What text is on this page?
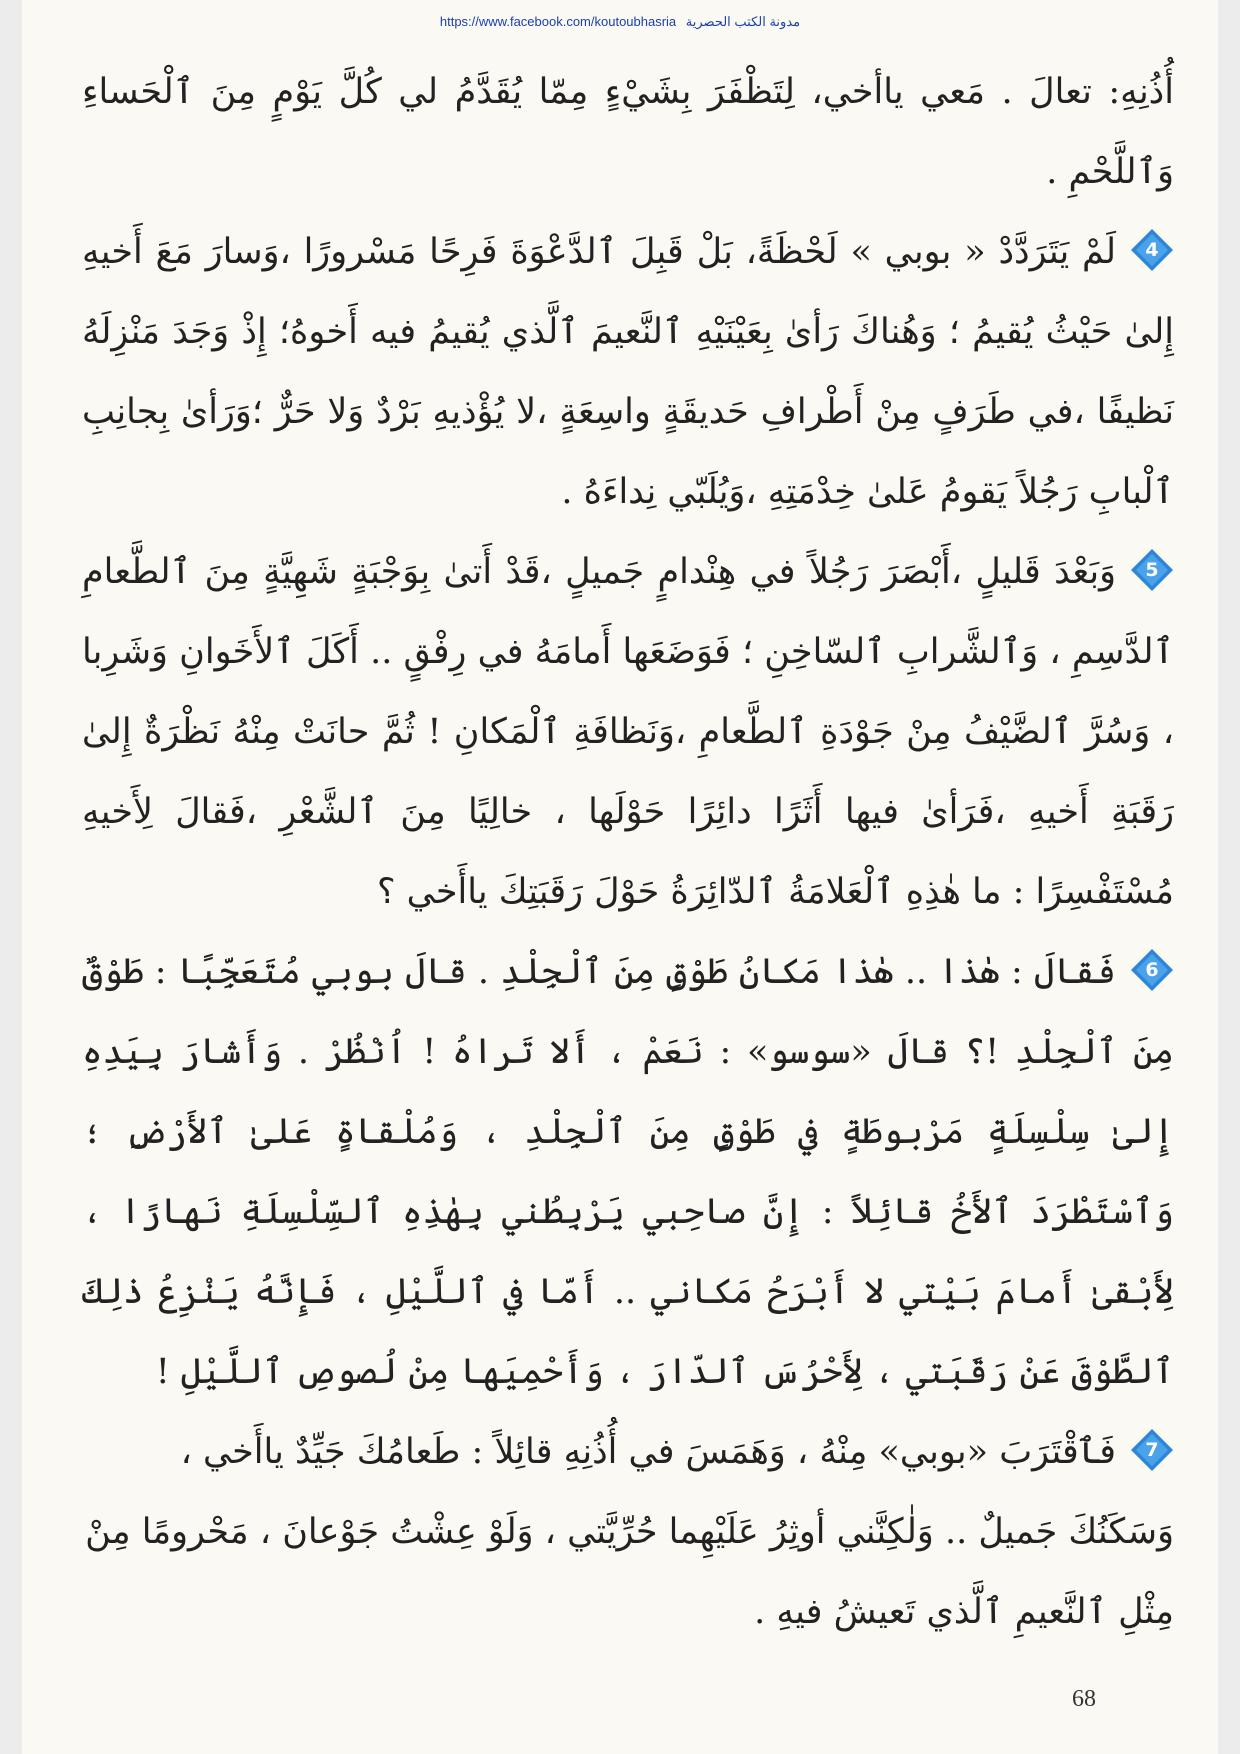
https://www.facebook.com/koutoubhasria مدونة الكتب الحصرية

أُذُنِهِ: تعالَ . مَعي ياأخي، لِتَظْفَرَ بِشَيْءٍ مِمّا يُقَدَّمُ لي كُلَّ يَوْمٍ مِنَ ٱلْحَساءِ وَٱللَّحْمِ .

4
لَمْ يَتَرَدَّدْ « بوبي » لَحْظَةً، بَلْ قَبِلَ ٱلدَّعْوَةَ فَرِحًا مَسْرورًا ،وَسارَ مَعَ أَخيهِ إِلىٰ حَيْثُ يُقيمُ ؛ وَهُناكَ رَأىٰ بِعَيْنَيْهِ ٱلنَّعيمَ ٱلَّذي يُقيمُ فيه أَخوهُ؛ إِذْ وَجَدَ مَنْزِلَهُ نَظيفًا ،في طَرَفٍ مِنْ أَطْرافِ حَديقَةٍ واسِعَةٍ ،لا يُؤْذيهِ بَرْدٌ وَلا حَرٌّ ؛وَرَأىٰ بِجانِبِ ٱلْبابِ رَجُلاً يَقومُ عَلىٰ خِدْمَتِهِ ،وَيُلَبّي نِداءَهُ .

5
وَبَعْدَ قَليلٍ ،أَبْصَرَ رَجُلاً في هِنْدامٍ جَميلٍ ،قَدْ أَتىٰ بِوَجْبَةٍ شَهِيَّةٍ مِنَ ٱلطَّعامِ ٱلدَّسِمِ ، وَٱلشَّرابِ ٱلسّاخِنِ ؛ فَوَضَعَها أَمامَهُ في رِفْقٍ .. أَكَلَ ٱلأَخَوانِ وَشَرِبا ، وَسُرَّ ٱلضَّيْفُ مِنْ جَوْدَةِ ٱلطَّعامِ ،وَنَظافَةِ ٱلْمَكانِ ! ثُمَّ حانَتْ مِنْهُ نَظْرَةٌ إِلىٰ رَقَبَةِ أَخيهِ ،فَرَأىٰ فيها أَثَرًا دائِرًا حَوْلَها ، خالِيًا مِنَ ٱلشَّعْرِ ،فَقالَ لِأَخيهِ مُسْتَفْسِرًا : ما هٰذِهِ ٱلْعَلامَةُ ٱلدّائِرَةُ حَوْلَ رَقَبَتِكَ ياأَخي ؟

6
فَقالَ : هٰذا .. هٰذا مَكانُ طَوْقٍ مِنَ ٱلْجِلْدِ . قالَ بوبي مُتَعَجِّبًا : طَوْقٌ مِنَ ٱلْجِلْدِ !؟ قالَ «سوسو» : نَعَمْ ، أَلا تَراهُ ! اُنْظُرْ . وَأَشارَ بِيَدِهِ إِلىٰ سِلْسِلَةٍ مَرْبوطَةٍ في طَوْقٍ مِنَ ٱلْجِلْدِ ، وَمُلْقاةٍ عَلىٰ ٱلأَرْضِ ؛ وَٱسْتَطْرَدَ ٱلأَخُ قائِلاً : إِنَّ صاحِبي يَرْبِطُني بِهٰذِهِ ٱلسِّلْسِلَةِ نَهارًا ، لِأَبْقىٰ أَمامَ بَيْتي لا أَبْرَحُ مَكاني .. أَمّا في ٱللَّيْلِ ، فَإِنَّهُ يَنْزِعُ ذٰلِكَ ٱلطَّوْقَ عَنْ رَقَبَتي ، لِأَحْرُسَ ٱلدّارَ ، وَأَحْمِيَها مِنْ لُصوصِ ٱللَّيْلِ !

7
فَٱقْتَرَبَ «بوبي» مِنْهُ ، وَهَمَسَ في أُذُنِهِ قائِلاً : طَعامُكَ جَيِّدٌ ياأَخي ، وَسَكَنُكَ جَميلٌ .. وَلٰكِنَّني أوثِرُ عَلَيْهِما حُرِّيَّتي ، وَلَوْ عِشْتُ جَوْعانَ ، مَحْرومًا مِنْ مِثْلِ ٱلنَّعيمِ ٱلَّذي تَعيشُ فيهِ .

68
